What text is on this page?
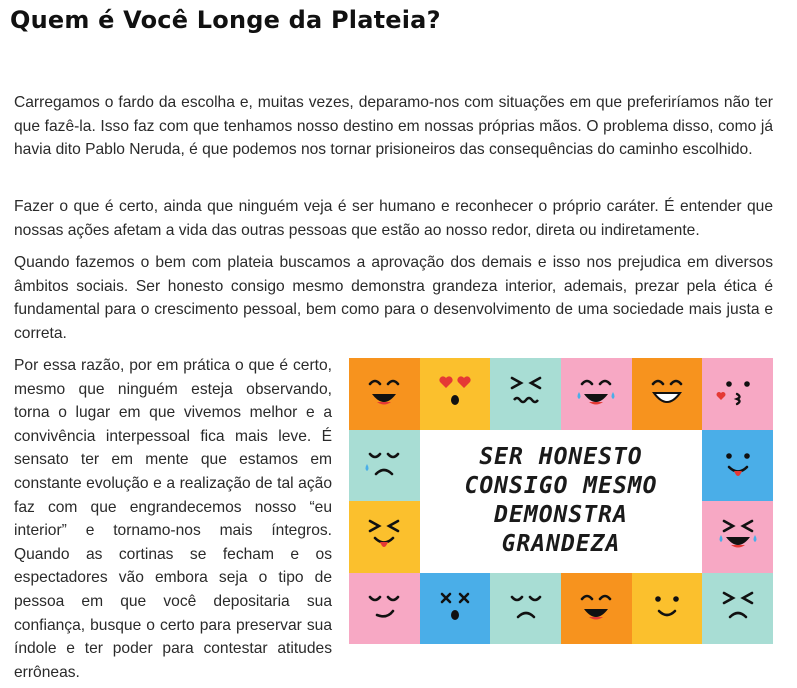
Quem é Você Longe da Plateia?

Carregamos o fardo da escolha e, muitas vezes, deparamo-nos com situações em que preferiríamos não ter que fazê-la. Isso faz com que tenhamos nosso destino em nossas próprias mãos. O problema disso, como já havia dito Pablo Neruda, é que podemos nos tornar prisioneiros das consequências do caminho escolhido.

Fazer o que é certo, ainda que ninguém veja é ser humano e reconhecer o próprio caráter. É entender que nossas ações afetam a vida das outras pessoas que estão ao nosso redor, direta ou indiretamente.

Quando fazemos o bem com plateia buscamos a aprovação dos demais e isso nos prejudica em diversos âmbitos sociais. Ser honesto consigo mesmo demonstra grandeza interior, ademais, prezar pela ética é fundamental para o crescimento pessoal, bem como para o desenvolvimento de uma sociedade mais justa e correta.

Por essa razão, por em prática o que é certo, mesmo que ninguém esteja observando, torna o lugar em que vivemos melhor e a convivência interpessoal fica mais leve. É sensato ter em mente que estamos em constante evolução e a realização de tal ação faz com que engrandecemos nosso “eu interior” e tornamo-nos mais íntegros. Quando as cortinas se fecham e os espectadores vão embora seja o tipo de pessoa em que você depositaria sua confiança, busque o certo para preservar sua índole e ter poder para contestar atitudes errôneas.

SER HONESTO
CONSIGO MESMO
DEMONSTRA
GRANDEZA
